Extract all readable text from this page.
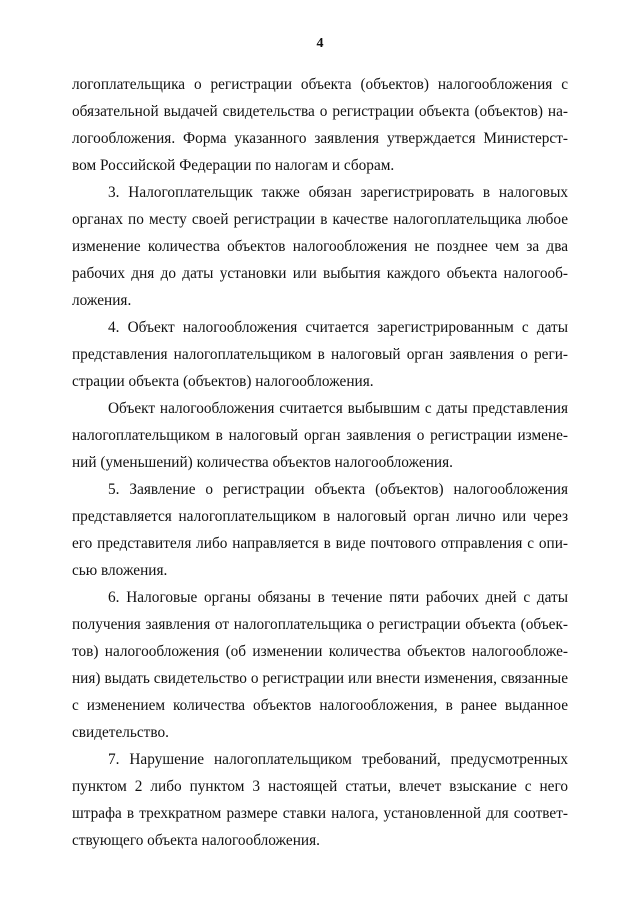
4
логоплательщика о регистрации объекта (объектов) налогообложения с
обязательной выдачей свидетельства о регистрации объекта (объектов) на-
логообложения. Форма указанного заявления утверждается Министерст-
вом Российской Федерации по налогам и сборам.
3. Налогоплательщик также обязан зарегистрировать в налоговых
органах по месту своей регистрации в качестве налогоплательщика любое
изменение количества объектов налогообложения не позднее чем за два
рабочих дня до даты установки или выбытия каждого объекта налогооб-
ложения.
4. Объект налогообложения считается зарегистрированным с даты
представления налогоплательщиком в налоговый орган заявления о реги-
страции объекта (объектов) налогообложения.
Объект налогообложения считается выбывшим с даты представления
налогоплательщиком в налоговый орган заявления о регистрации измене-
ний (уменьшений) количества объектов налогообложения.
5. Заявление о регистрации объекта (объектов) налогообложения
представляется налогоплательщиком в налоговый орган лично или через
его представителя либо направляется в виде почтового отправления с опи-
сью вложения.
6. Налоговые органы обязаны в течение пяти рабочих дней с даты
получения заявления от налогоплательщика о регистрации объекта (объек-
тов) налогообложения (об изменении количества объектов налогообложе-
ния) выдать свидетельство о регистрации или внести изменения, связанные
с изменением количества объектов налогообложения, в ранее выданное
свидетельство.
7. Нарушение налогоплательщиком требований, предусмотренных
пунктом 2 либо пунктом 3 настоящей статьи, влечет взыскание с него
штрафа в трехкратном размере ставки налога, установленной для соответ-
ствующего объекта налогообложения.
